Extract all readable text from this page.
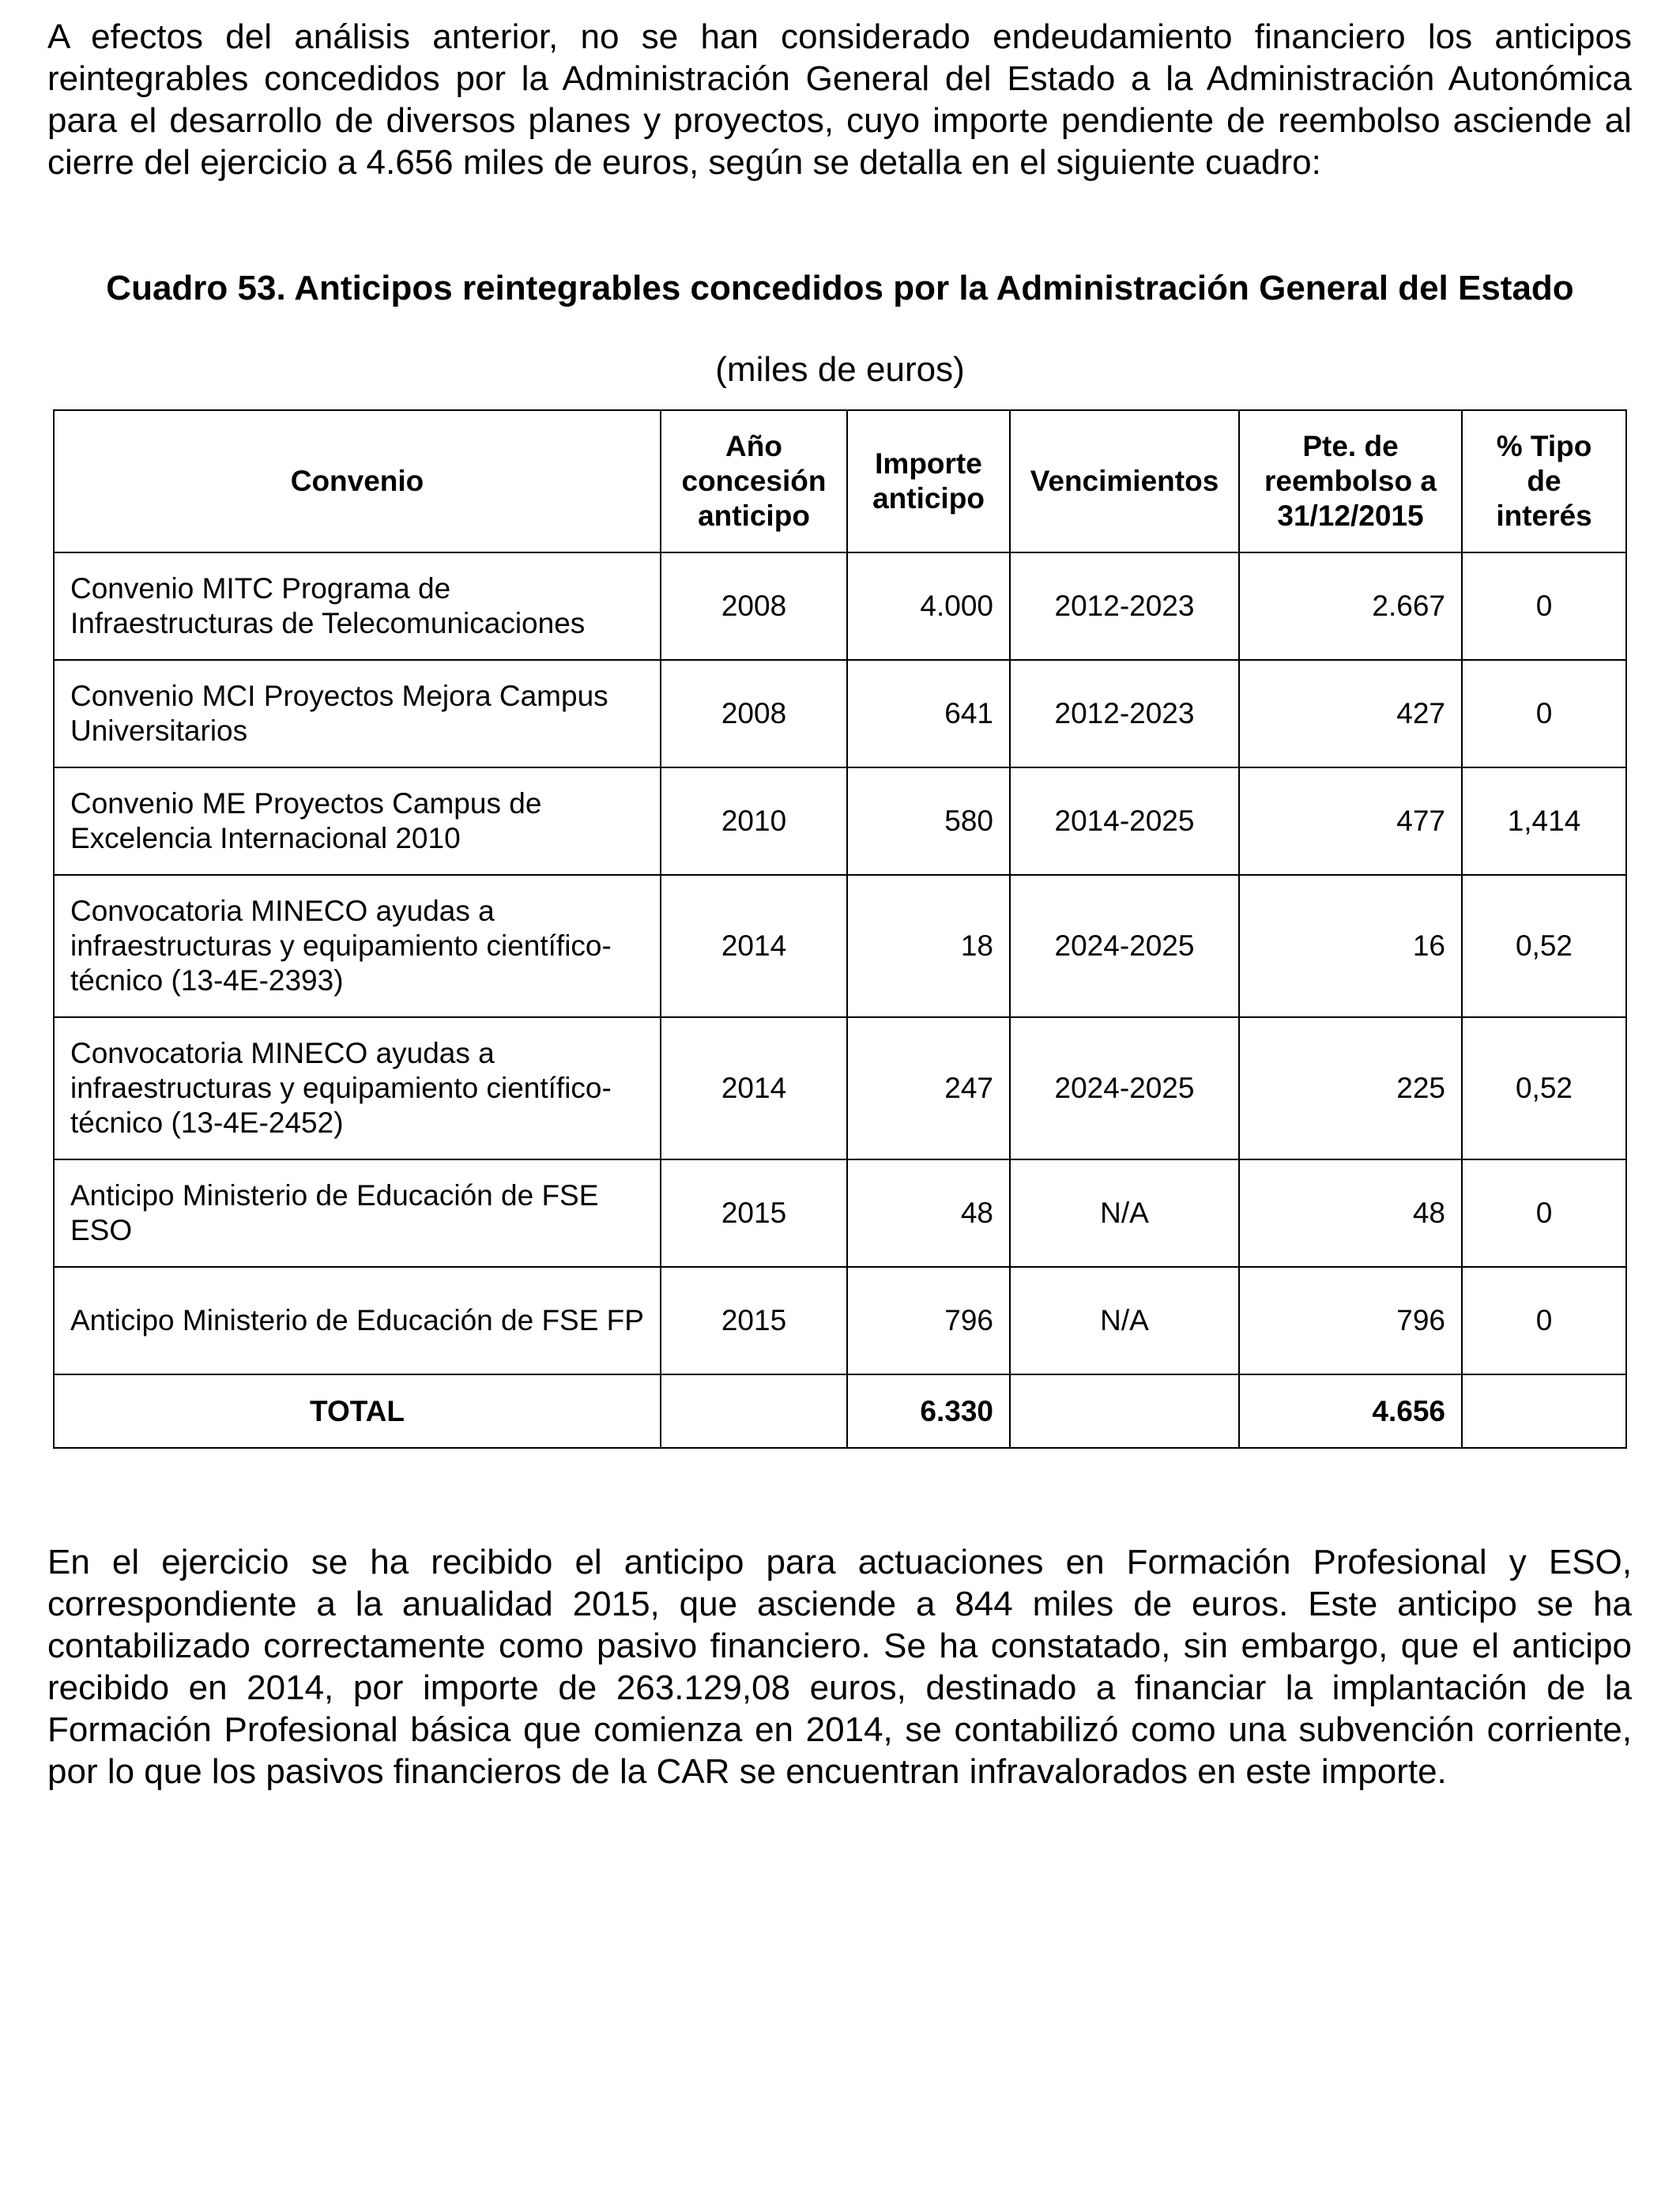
A efectos del análisis anterior, no se han considerado endeudamiento financiero los anticipos reintegrables concedidos por la Administración General del Estado a la Administración Autonómica para el desarrollo de diversos planes y proyectos, cuyo importe pendiente de reembolso asciende al cierre del ejercicio a 4.656 miles de euros, según se detalla en el siguiente cuadro:

Cuadro 53. Anticipos reintegrables concedidos por la Administración General del Estado

(miles de euros)

Convenio	Año concesión anticipo	Importe anticipo	Vencimientos	Pte. de reembolso a 31/12/2015	% Tipo de interés
Convenio MITC Programa de Infraestructuras de Telecomunicaciones	2008	4.000	2012-2023	2.667	0
Convenio MCI Proyectos Mejora Campus Universitarios	2008	641	2012-2023	427	0
Convenio ME Proyectos Campus de Excelencia Internacional 2010	2010	580	2014-2025	477	1,414
Convocatoria MINECO ayudas a infraestructuras y equipamiento científico-técnico (13-4E-2393)	2014	18	2024-2025	16	0,52
Convocatoria MINECO ayudas a infraestructuras y equipamiento científico-técnico (13-4E-2452)	2014	247	2024-2025	225	0,52
Anticipo Ministerio de Educación de FSE ESO	2015	48	N/A	48	0
Anticipo Ministerio de Educación de FSE FP	2015	796	N/A	796	0
TOTAL		6.330		4.656	

En el ejercicio se ha recibido el anticipo para actuaciones en Formación Profesional y ESO, correspondiente a la anualidad 2015, que asciende a 844 miles de euros. Este anticipo se ha contabilizado correctamente como pasivo financiero. Se ha constatado, sin embargo, que el anticipo recibido en 2014, por importe de 263.129,08 euros, destinado a financiar la implantación de la Formación Profesional básica que comienza en 2014, se contabilizó como una subvención corriente, por lo que los pasivos financieros de la CAR se encuentran infravalorados en este importe.
